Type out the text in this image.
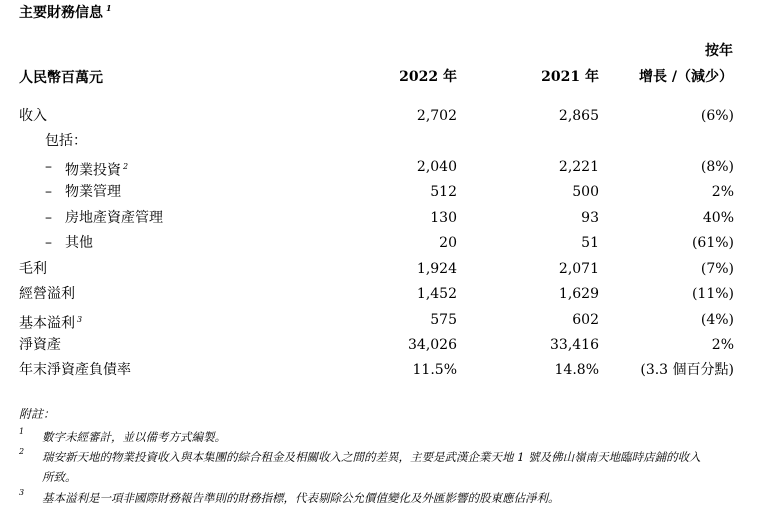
主要財務信息 $^1$
人民幣百萬元	2022 年	2021 年
按年
增長 /（減少）
收入	2,702	2,865	(6%)
包括：
– 物業投資 $^2$	2,040	2,221	(8%)
– 物業管理	512	500	2%
– 房地產資產管理	130	93	40%
– 其他	20	51	(61%)
毛利	1,924	2,071	(7%)
經營溢利	1,452	1,629	(11%)
基本溢利 $^3$	575	602	(4%)
淨資產	34,026	33,416	2%
年末淨資產負債率	11.5%	14.8%	(3.3 個百分點)
附註：
1 數字未經審計，並以備考方式編製。
2 瑞安新天地的物業投資收入與本集團的綜合租金及相關收入之間的差異，主要是武漢企業天地 1 號及佛山嶺南天地臨時店鋪的收入
所致。
3 基本溢利是一項非國際財務報告準則的財務指標，代表剔除公允價值變化及外匯影響的股東應佔淨利。
